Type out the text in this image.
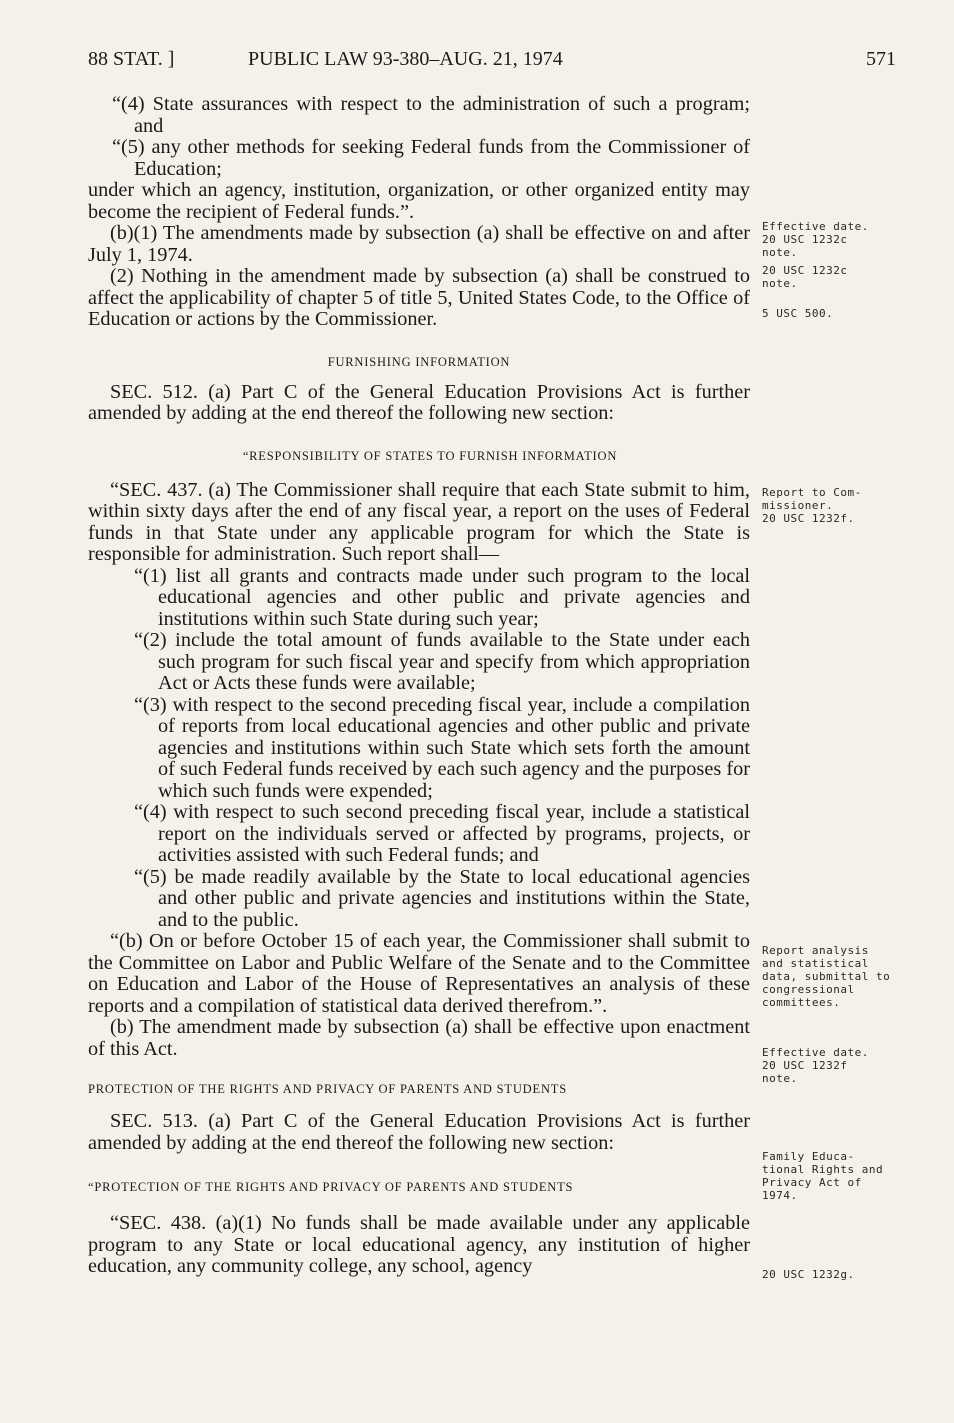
88 STAT. ]	PUBLIC LAW 93-380–AUG. 21, 1974	571

“(4) State assurances with respect to the administration of such a program; and

“(5) any other methods for seeking Federal funds from the Commissioner of Education;

under which an agency, institution, organization, or other organized entity may become the recipient of Federal funds.”.

(b)(1) The amendments made by subsection (a) shall be effective on and after July 1, 1974.

(2) Nothing in the amendment made by subsection (a) shall be construed to affect the applicability of chapter 5 of title 5, United States Code, to the Office of Education or actions by the Commissioner.

FURNISHING INFORMATION

SEC. 512. (a) Part C of the General Education Provisions Act is further amended by adding at the end thereof the following new section:

“RESPONSIBILITY OF STATES TO FURNISH INFORMATION

“SEC. 437. (a) The Commissioner shall require that each State submit to him, within sixty days after the end of any fiscal year, a report on the uses of Federal funds in that State under any applicable program for which the State is responsible for administration. Such report shall—

“(1) list all grants and contracts made under such program to the local educational agencies and other public and private agencies and institutions within such State during such year;

“(2) include the total amount of funds available to the State under each such program for such fiscal year and specify from which appropriation Act or Acts these funds were available;

“(3) with respect to the second preceding fiscal year, include a compilation of reports from local educational agencies and other public and private agencies and institutions within such State which sets forth the amount of such Federal funds received by each such agency and the purposes for which such funds were expended;

“(4) with respect to such second preceding fiscal year, include a statistical report on the individuals served or affected by programs, projects, or activities assisted with such Federal funds; and

“(5) be made readily available by the State to local educational agencies and other public and private agencies and institutions within the State, and to the public.

“(b) On or before October 15 of each year, the Commissioner shall submit to the Committee on Labor and Public Welfare of the Senate and to the Committee on Education and Labor of the House of Representatives an analysis of these reports and a compilation of statistical data derived therefrom.”.

(b) The amendment made by subsection (a) shall be effective upon enactment of this Act.

PROTECTION OF THE RIGHTS AND PRIVACY OF PARENTS AND STUDENTS

SEC. 513. (a) Part C of the General Education Provisions Act is further amended by adding at the end thereof the following new section:

“PROTECTION OF THE RIGHTS AND PRIVACY OF PARENTS AND STUDENTS

“SEC. 438. (a)(1) No funds shall be made available under any applicable program to any State or local educational agency, any institution of higher education, any community college, any school, agency

Effective date.
20 USC 1232c
note.
20 USC 1232c
note.
5 USC 500.
Report to Com-
missioner.
20 USC 1232f.
Report analysis
and statistical
data, submittal to
congressional
committees.
Effective date.
20 USC 1232f
note.
Family Educa-
tional Rights and
Privacy Act of
1974.
20 USC 1232g.
